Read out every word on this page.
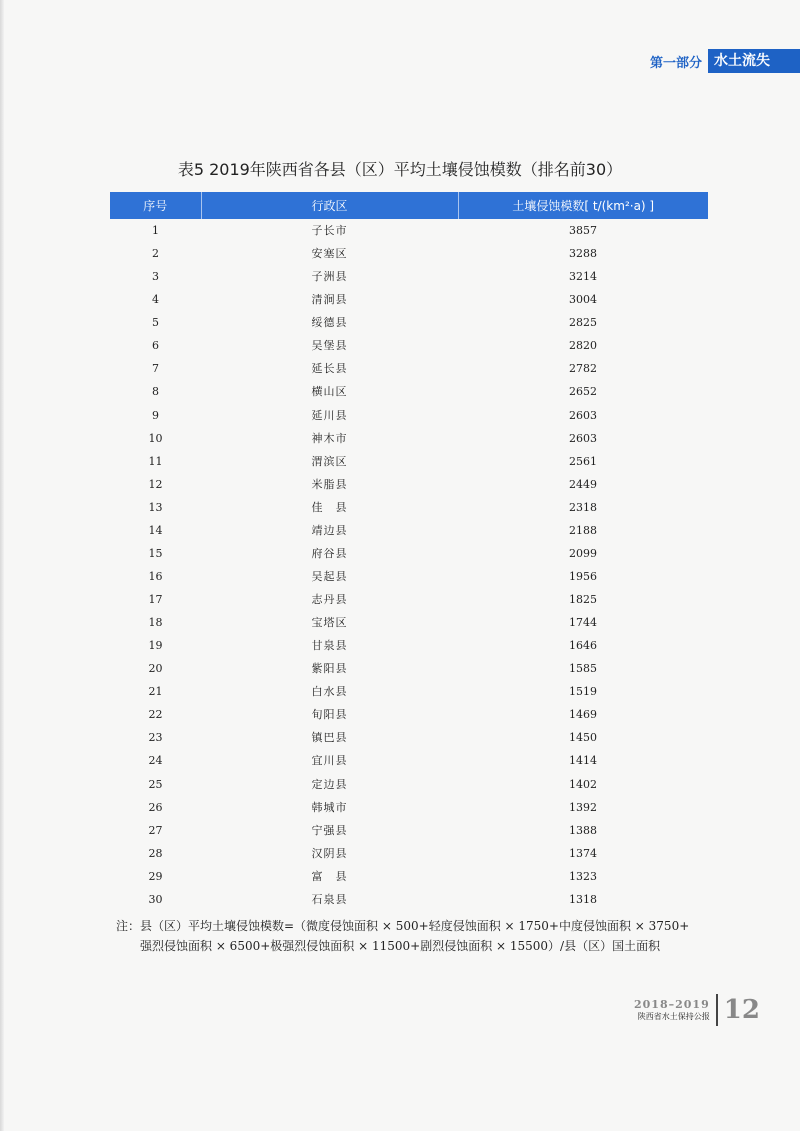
第一部分 水土流失
表5 2019年陕西省各县（区）平均土壤侵蚀模数（排名前30）
序号	行政区	土壤侵蚀模数[ t/(km²·a) ]
1	子长市	3857
2	安塞区	3288
3	子洲县	3214
4	清涧县	3004
5	绥德县	2825
6	吴堡县	2820
7	延长县	2782
8	横山区	2652
9	延川县	2603
10	神木市	2603
11	渭滨区	2561
12	米脂县	2449
13	佳　县	2318
14	靖边县	2188
15	府谷县	2099
16	吴起县	1956
17	志丹县	1825
18	宝塔区	1744
19	甘泉县	1646
20	紫阳县	1585
21	白水县	1519
22	旬阳县	1469
23	镇巴县	1450
24	宜川县	1414
25	定边县	1402
26	韩城市	1392
27	宁强县	1388
28	汉阴县	1374
29	富　县	1323
30	石泉县	1318
注：县（区）平均土壤侵蚀模数=（微度侵蚀面积 × 500+轻度侵蚀面积 × 1750+中度侵蚀面积 × 3750+
强烈侵蚀面积 × 6500+极强烈侵蚀面积 × 11500+剧烈侵蚀面积 × 15500）/县（区）国土面积
2018–2019
陕西省水土保持公报 12
